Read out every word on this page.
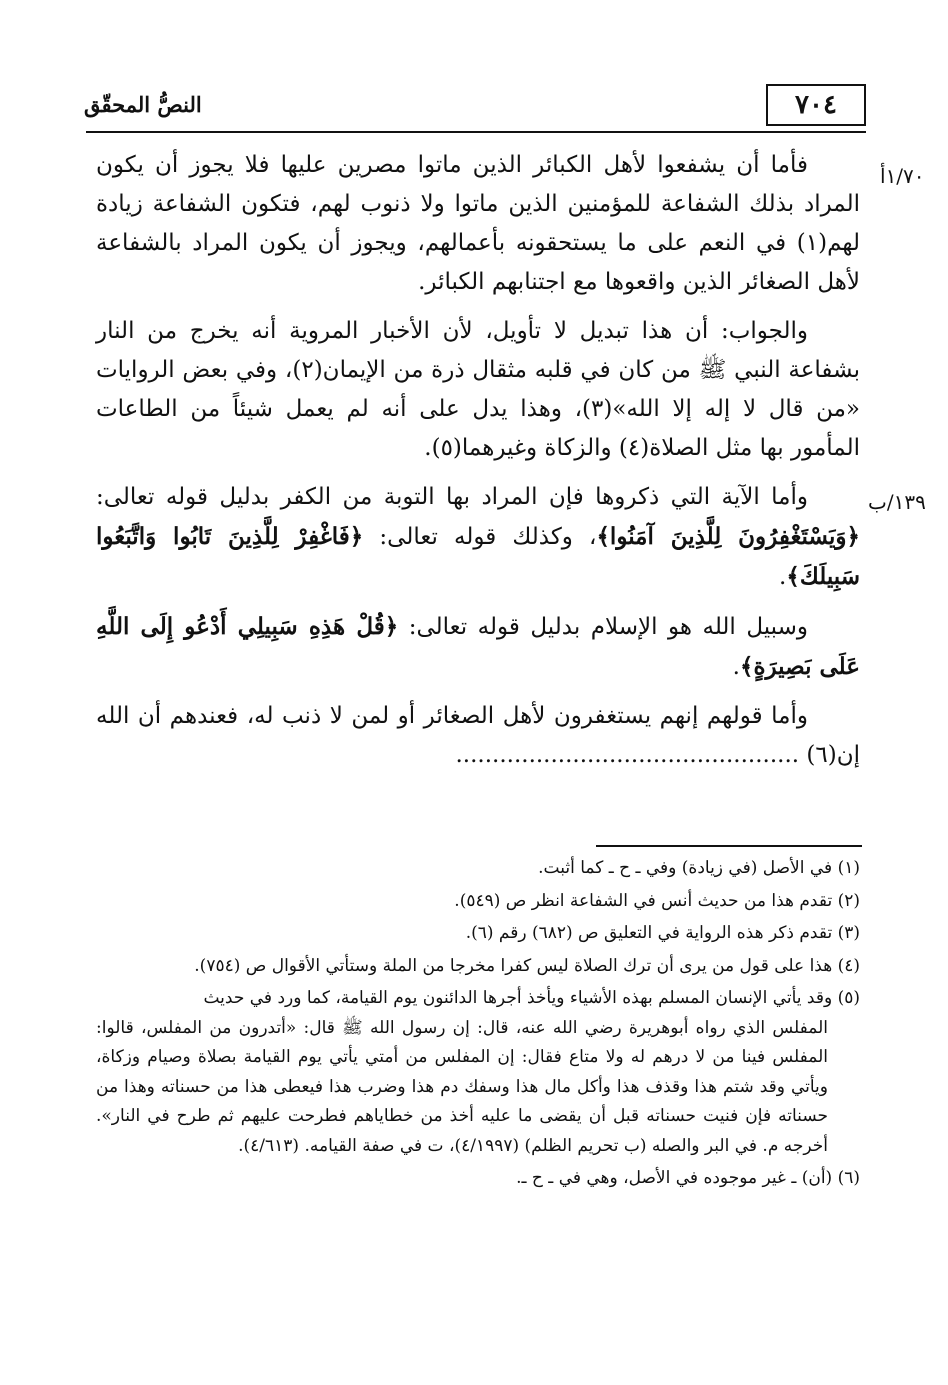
٧٠٤
النصُّ المحقّق
١/٧٠أ
١٣٩/ب

فأما أن يشفعوا لأهل الكبائر الذين ماتوا مصرين عليها فلا يجوز أن يكون المراد بذلك الشفاعة للمؤمنين الذين ماتوا ولا ذنوب لهم، فتكون الشفاعة زيادة لهم(١) في النعم على ما يستحقونه بأعمالهم، ويجوز أن يكون المراد بالشفاعة لأهل الصغائر الذين واقعوها مع اجتنابهم الكبائر.

والجواب: أن هذا تبديل لا تأويل، لأن الأخبار المروية أنه يخرج من النار بشفاعة النبي ﷺ من كان في قلبه مثقال ذرة من الإيمان(٢)، وفي بعض الروايات «من قال لا إله إلا الله»(٣)، وهذا يدل على أنه لم يعمل شيئاً من الطاعات المأمور بها مثل الصلاة(٤) والزكاة وغيرهما(٥).

وأما الآية التي ذكروها فإن المراد بها التوبة من الكفر بدليل قوله تعالى: ﴿وَيَسْتَغْفِرُونَ لِلَّذِينَ آمَنُوا﴾، وكذلك قوله تعالى: ﴿فَاغْفِرْ لِلَّذِينَ تَابُوا وَاتَّبَعُوا سَبِيلَكَ﴾.

وسبيل الله هو الإسلام بدليل قوله تعالى: ﴿قُلْ هَذِهِ سَبِيلِي أَدْعُو إِلَى اللَّهِ عَلَى بَصِيرَةٍ﴾.

وأما قولهم إنهم يستغفرون لأهل الصغائر أو لمن لا ذنب له، فعندهم أن الله إن(٦) ...............................................

(١) في الأصل (في زيادة) وفي ـ ح ـ كما أثبت.

(٢) تقدم هذا من حديث أنس في الشفاعة انظر ص (٥٤٩).

(٣) تقدم ذكر هذه الرواية في التعليق ص (٦٨٢) رقم (٦).

(٤) هذا على قول من يرى أن ترك الصلاة ليس كفرا مخرجا من الملة وستأتي الأقوال ص (٧٥٤).

(٥) وقد يأتي الإنسان المسلم بهذه الأشياء ويأخذ أجرها الدائنون يوم القيامة، كما ورد في حديث

المفلس الذي رواه أبوهريرة رضي الله عنه، قال: إن رسول الله ﷺ قال: «أتدرون من المفلس، قالوا: المفلس فينا من لا درهم له ولا متاع فقال: إن المفلس من أمتي يأتي يوم القيامة بصلاة وصيام وزكاة، ويأتي وقد شتم هذا وقذف هذا وأكل مال هذا وسفك دم هذا وضرب هذا فيعطى هذا من حسناته وهذا من حسناته فإن فنيت حسناته قبل أن يقضى ما عليه أخذ من خطاياهم فطرحت عليهم ثم طرح في النار». أخرجه م. في البر والصله (ب تحريم الظلم) (٤/١٩٩٧)، ت في صفة القيامه. (٤/٦١٣).

(٦) (أن) ـ غير موجوده في الأصل، وهي في ـ ح ـ.
